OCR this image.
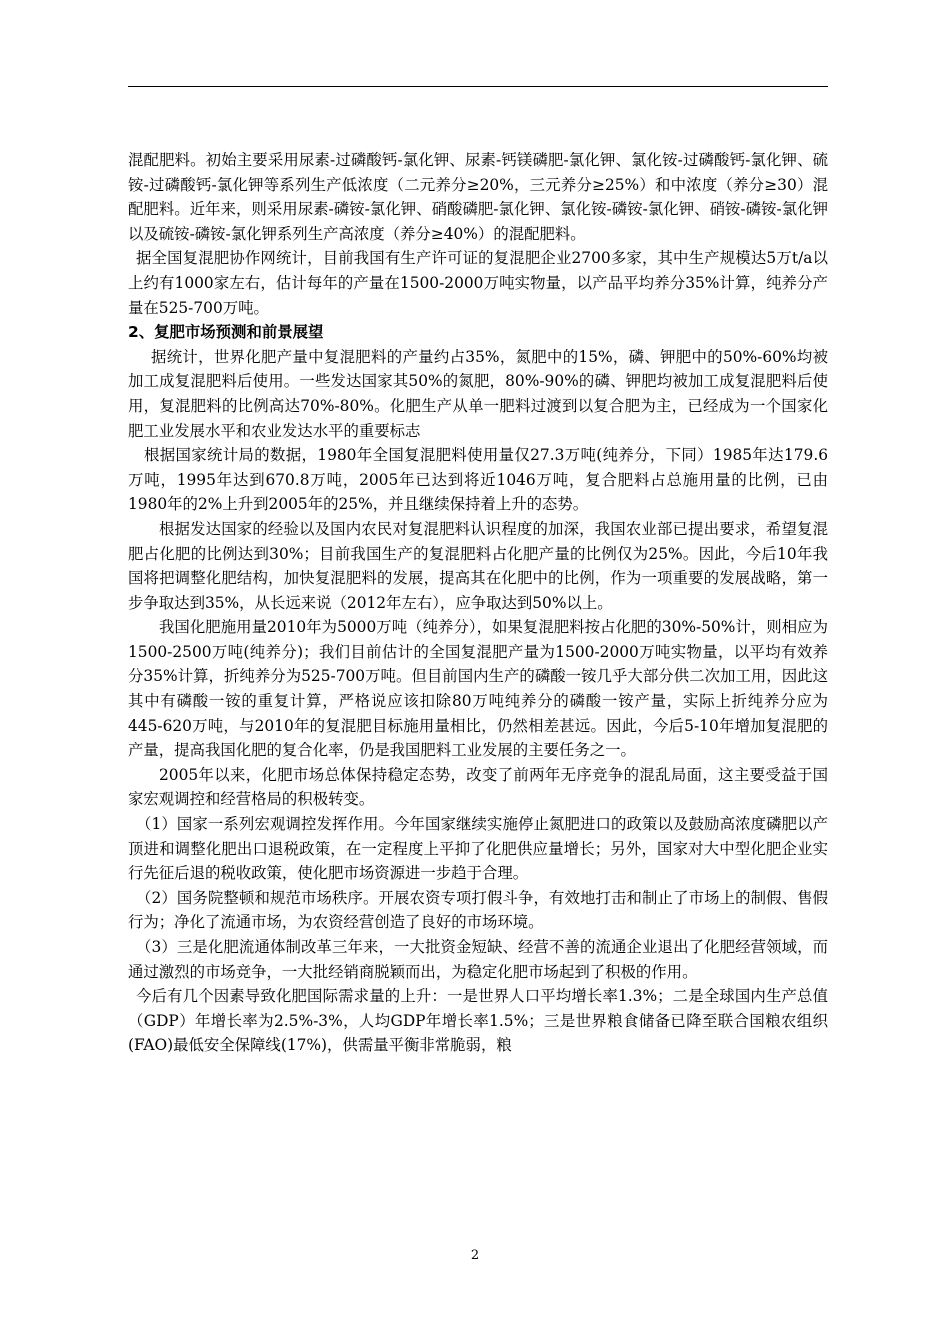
混配肥料。初始主要采用尿素-过磷酸钙-氯化钾、尿素-钙镁磷肥-氯化钾、氯化铵-过磷酸钙-氯化钾、硫铵-过磷酸钙-氯化钾等系列生产低浓度（二元养分≥20%，三元养分≥25%）和中浓度（养分≥30）混配肥料。近年来，则采用尿素-磷铵-氯化钾、硝酸磷肥-氯化钾、氯化铵-磷铵-氯化钾、硝铵-磷铵-氯化钾以及硫铵-磷铵-氯化钾系列生产高浓度（养分≥40%）的混配肥料。

据全国复混肥协作网统计，目前我国有生产许可证的复混肥企业2700多家，其中生产规模达5万t/a以上约有1000家左右，估计每年的产量在1500-2000万吨实物量，以产品平均养分35%计算，纯养分产量在525-700万吨。

2、复肥市场预测和前景展望

据统计，世界化肥产量中复混肥料的产量约占35%，氮肥中的15%，磷、钾肥中的50%-60%均被加工成复混肥料后使用。一些发达国家其50%的氮肥，80%-90%的磷、钾肥均被加工成复混肥料后使用，复混肥料的比例高达70%-80%。化肥生产从单一肥料过渡到以复合肥为主，已经成为一个国家化肥工业发展水平和农业发达水平的重要标志

根据国家统计局的数据，1980年全国复混肥料使用量仅27.3万吨(纯养分，下同）1985年达179.6万吨，1995年达到670.8万吨，2005年已达到将近1046万吨，复合肥料占总施用量的比例，已由1980年的2%上升到2005年的25%，并且继续保持着上升的态势。

根据发达国家的经验以及国内农民对复混肥料认识程度的加深，我国农业部已提出要求，希望复混肥占化肥的比例达到30%；目前我国生产的复混肥料占化肥产量的比例仅为25%。因此，今后10年我国将把调整化肥结构，加快复混肥料的发展，提高其在化肥中的比例，作为一项重要的发展战略，第一步争取达到35%，从长远来说（2012年左右），应争取达到50%以上。

我国化肥施用量2010年为5000万吨（纯养分），如果复混肥料按占化肥的30%-50%计，则相应为1500-2500万吨(纯养分)；我们目前估计的全国复混肥产量为1500-2000万吨实物量，以平均有效养分35%计算，折纯养分为525-700万吨。但目前国内生产的磷酸一铵几乎大部分供二次加工用，因此这其中有磷酸一铵的重复计算，严格说应该扣除80万吨纯养分的磷酸一铵产量，实际上折纯养分应为445-620万吨，与2010年的复混肥目标施用量相比，仍然相差甚远。因此，今后5-10年增加复混肥的产量，提高我国化肥的复合化率，仍是我国肥料工业发展的主要任务之一。

2005年以来，化肥市场总体保持稳定态势，改变了前两年无序竞争的混乱局面，这主要受益于国家宏观调控和经营格局的积极转变。

（1）国家一系列宏观调控发挥作用。今年国家继续实施停止氮肥进口的政策以及鼓励高浓度磷肥以产顶进和调整化肥出口退税政策，在一定程度上平抑了化肥供应量增长；另外，国家对大中型化肥企业实行先征后退的税收政策，使化肥市场资源进一步趋于合理。

（2）国务院整顿和规范市场秩序。开展农资专项打假斗争，有效地打击和制止了市场上的制假、售假行为；净化了流通市场，为农资经营创造了良好的市场环境。

（3）三是化肥流通体制改革三年来，一大批资金短缺、经营不善的流通企业退出了化肥经营领域，而通过激烈的市场竞争，一大批经销商脱颖而出，为稳定化肥市场起到了积极的作用。

今后有几个因素导致化肥国际需求量的上升：一是世界人口平均增长率1.3%；二是全球国内生产总值（GDP）年增长率为2.5%-3%，人均GDP年增长率1.5%；三是世界粮食储备已降至联合国粮农组织(FAO)最低安全保障线(17%)，供需量平衡非常脆弱，粮

2
